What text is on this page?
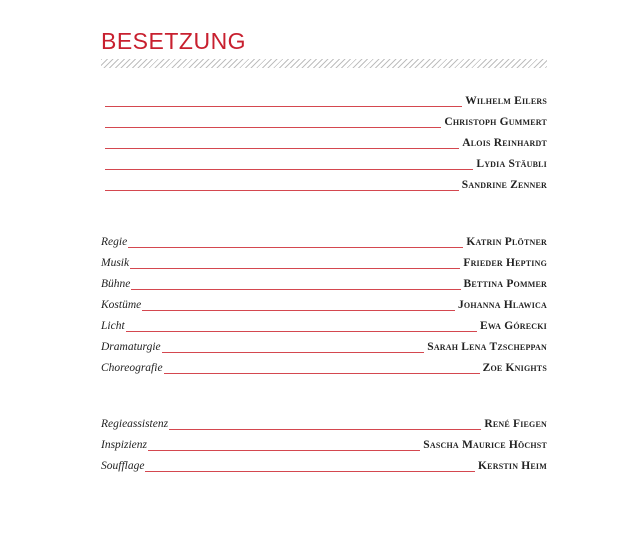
BESETZUNG
Wilhelm Eilers
Christoph Gummert
Alois Reinhardt
Lydia Stäubli
Sandrine Zenner
Regie	Katrin Plötner
Musik	Frieder Hepting
Bühne	Bettina Pommer
Kostüme	Johanna Hlawica
Licht	Ewa Górecki
Dramaturgie	Sarah Lena Tzscheppan
Choreografie	Zoe Knights
Regieassistenz	René Fiegen
Inspizienz	Sascha Maurice Höchst
Soufflage	Kerstin Heim
